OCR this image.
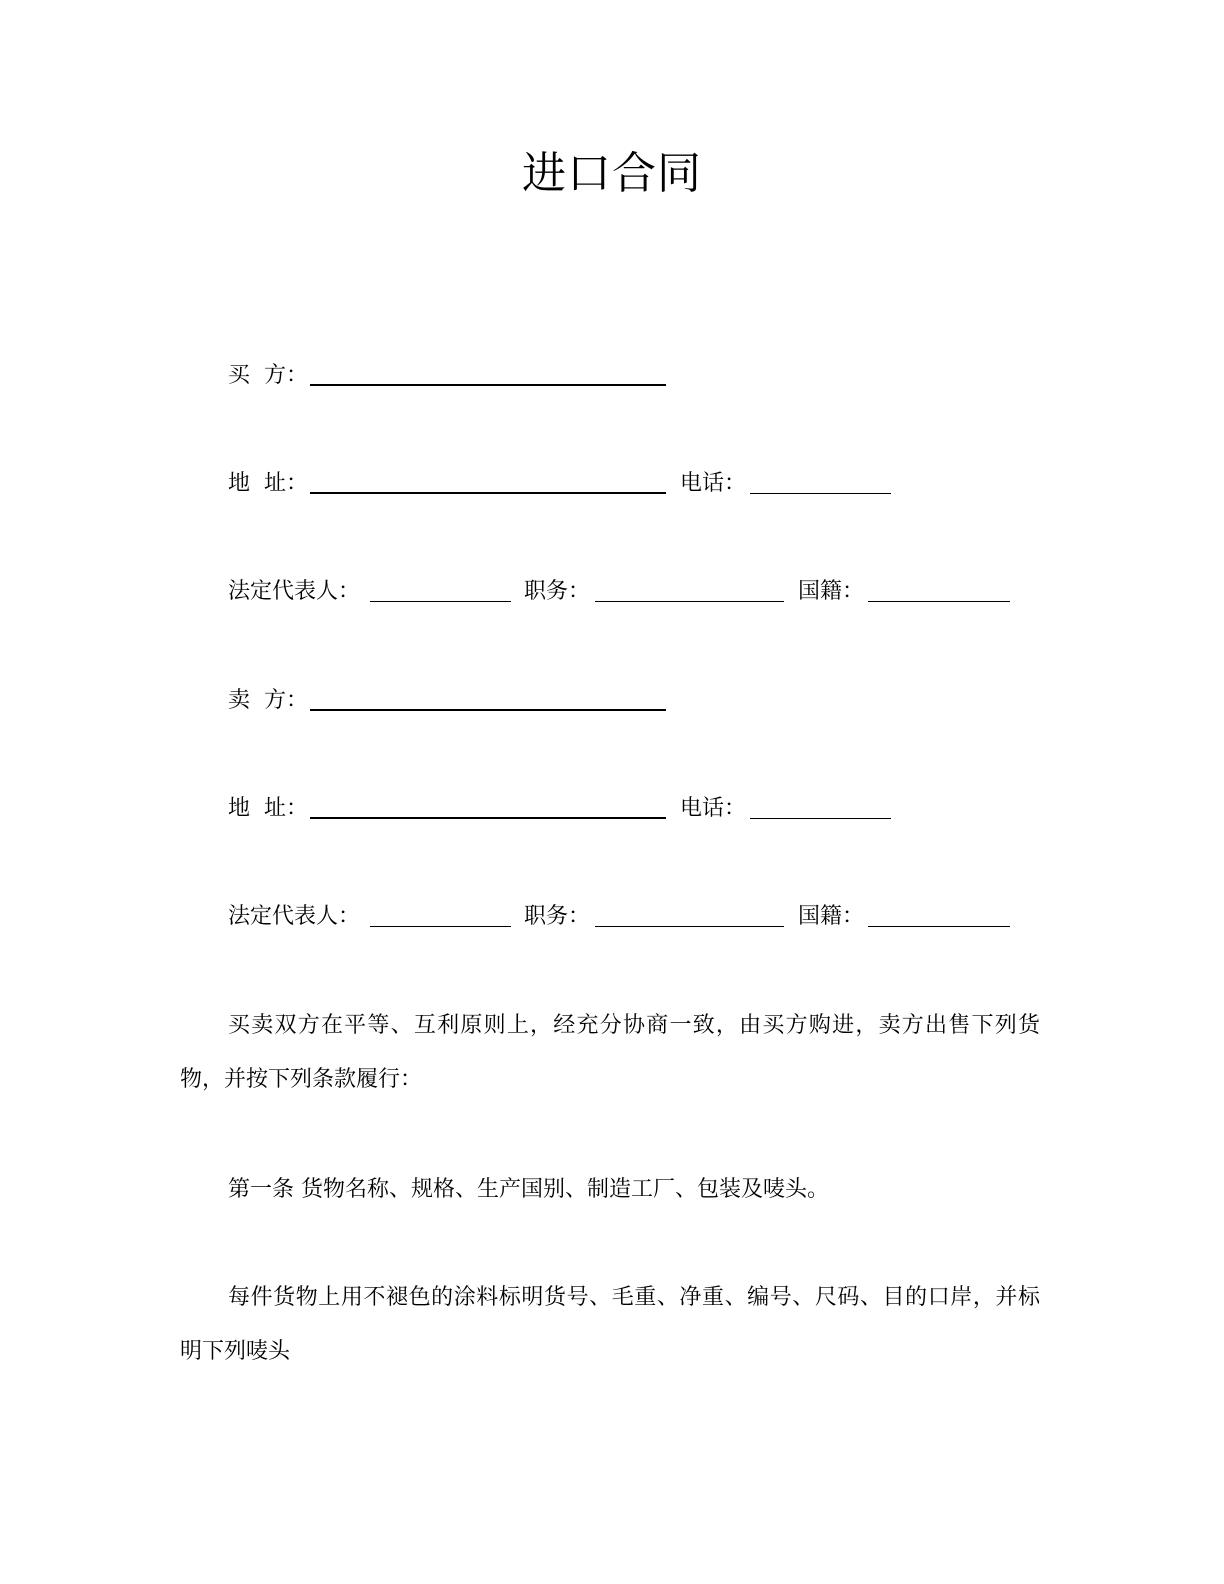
进口合同
买  方：
地  址：	电话：
法定代表人：	职务：	国籍：
卖  方：
地  址：	电话：
法定代表人：	职务：	国籍：

买卖双方在平等、互利原则上，经充分协商一致，由买方购进，卖方出售下列货物，并按下列条款履行：

第一条 货物名称、规格、生产国别、制造工厂、包装及唛头。

每件货物上用不褪色的涂料标明货号、毛重、净重、编号、尺码、目的口岸，并标明下列唛头
